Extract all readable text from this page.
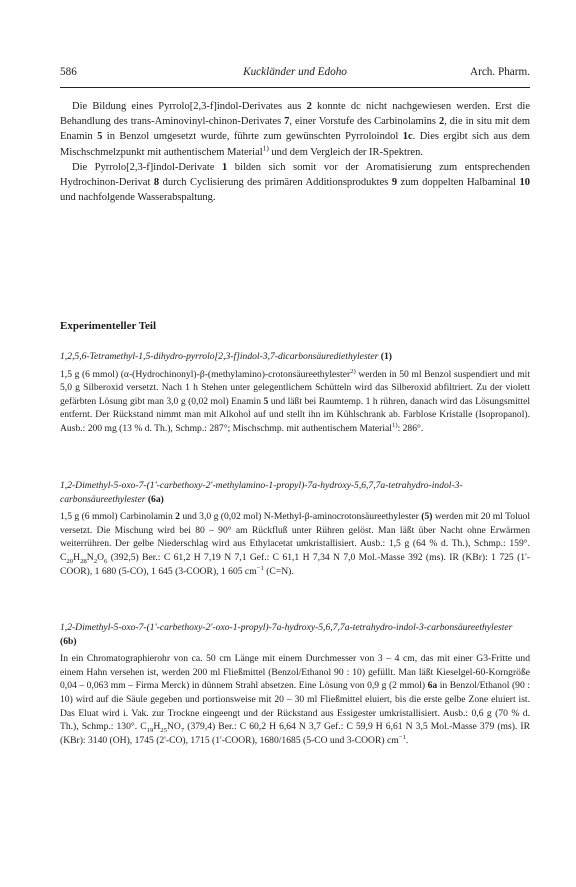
586	Kuckländer und Edoho	Arch. Pharm.

Die Bildung eines Pyrrolo[2,3-f]indol-Derivates aus 2 konnte dc nicht nachgewiesen werden. Erst die Behandlung des trans-Aminovinyl-chinon-Derivates 7, einer Vorstufe des Carbinolamins 2, die in situ mit dem Enamin 5 in Benzol umgesetzt wurde, führte zum gewünschten Pyrroloindol 1c. Dies ergibt sich aus dem Mischschmelzpunkt mit authentischem Material$^{1)}$ und dem Vergleich der IR-Spektren.

Die Pyrrolo[2,3-f]indol-Derivate 1 bilden sich somit vor der Aromatisierung zum entsprechenden Hydrochinon-Derivat 8 durch Cyclisierung des primären Additionsproduktes 9 zum doppelten Halbaminal 10 und nachfolgende Wasserabspaltung.

Experimenteller Teil

1,2,5,6-Tetramethyl-1,5-dihydro-pyrrolo[2,3-f]indol-3,7-dicarbonsäurediethylester (1)

1,5 g (6 mmol) (α-(Hydrochinonyl)-β-(methylamino)-crotonsäureethylester$^{2)}$ werden in 50 ml Benzol suspendiert und mit 5,0 g Silberoxid versetzt. Nach 1 h Stehen unter gelegentlichem Schütteln wird das Silberoxid abfiltriert. Zu der violett gefärbten Lösung gibt man 3,0 g (0,02 mol) Enamin 5 und läßt bei Raumtemp. 1 h rühren, danach wird das Lösungsmittel entfernt. Der Rückstand nimmt man mit Alkohol auf und stellt ihn im Kühlschrank ab. Farblose Kristalle (Isopropanol). Ausb.: 200 mg (13 % d. Th.), Schmp.: 287°; Mischschmp. mit authentischem Material$^{1)}$: 286°.

1,2-Dimethyl-5-oxo-7-(1'-carbethoxy-2'-methylamino-1-propyl)-7a-hydroxy-5,6,7,7a-tetrahydro-indol-3-carbonsäureethylester (6a)

1,5 g (6 mmol) Carbinolamin 2 und 3,0 g (0,02 mol) N-Methyl-β-aminocrotonsäureethylester (5) werden mit 20 ml Toluol versetzt. Die Mischung wird bei 80 – 90° am Rückfluß unter Rühren gelöst. Man läßt über Nacht ohne Erwärmen weiterrühren. Der gelbe Niederschlag wird aus Ethylacetat umkristallisiert. Ausb.: 1,5 g (64 % d. Th.), Schmp.: 159°. $C_{20}H_{28}N_2O_6$ (392,5) Ber.: C 61,2 H 7,19 N 7,1 Gef.: C 61,1 H 7,34 N 7,0 Mol.-Masse 392 (ms). IR (KBr): 1 725 (1'-COOR), 1 680 (5-CO), 1 645 (3-COOR), 1 605 $cm^{-1}$ (C=N).

1,2-Dimethyl-5-oxo-7-(1'-carbethoxy-2'-oxo-1-propyl)-7a-hydroxy-5,6,7,7a-tetrahydro-indol-3-carbonsäureethylester (6b)

In ein Chromatographierohr von ca. 50 cm Länge mit einem Durchmesser von 3 – 4 cm, das mit einer G3-Fritte und einem Hahn versehen ist, werden 200 ml Fließmittel (Benzol/Ethanol 90 : 10) gefüllt. Man läßt Kieselgel-60-Korngröße 0,04 – 0,063 mm – Firma Merck) in dünnem Strahl absetzen. Eine Lösung von 0,9 g (2 mmol) 6a in Benzol/Ethanol (90 : 10) wird auf die Säule gegeben und portionsweise mit 20 – 30 ml Fließmittel eluiert, bis die erste gelbe Zone eluiert ist. Das Eluat wird i. Vak. zur Trockne eingeengt und der Rückstand aus Essigester umkristallisiert. Ausb.: 0,6 g (70 % d. Th.), Schmp.: 130°. $C_{19}H_{25}NO_7$ (379,4) Ber.: C 60,2 H 6,64 N 3,7 Gef.: C 59,9 H 6,61 N 3,5 Mol.-Masse 379 (ms). IR (KBr): 3140 (OH), 1745 (2'-CO), 1715 (1'-COOR), 1680/1685 (5-CO und 3-COOR) $cm^{-1}$.
